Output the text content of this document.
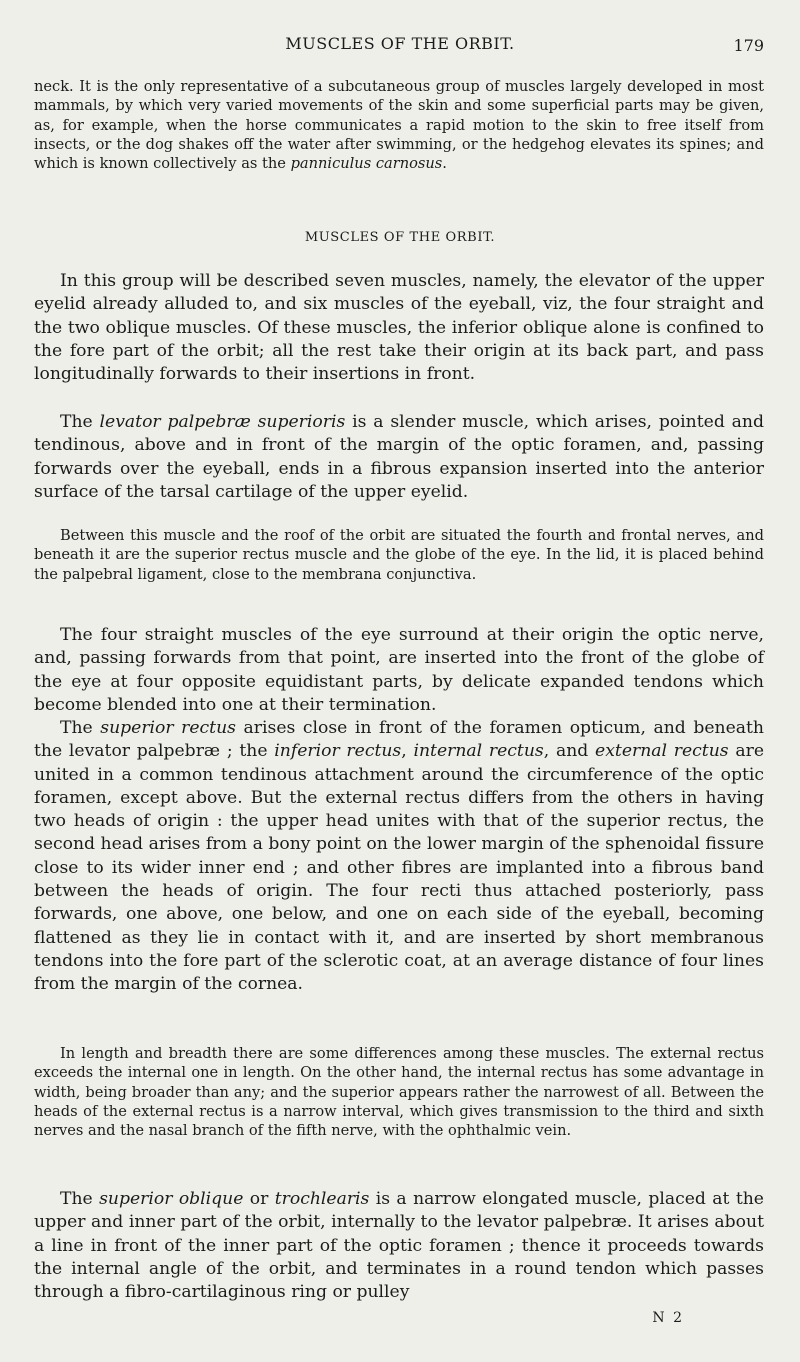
MUSCLES OF THE ORBIT.	179

neck. It is the only representative of a subcutaneous group of muscles largely developed in most mammals, by which very varied movements of the skin and some superficial parts may be given, as, for example, when the horse communicates a rapid motion to the skin to free itself from insects, or the dog shakes off the water after swimming, or the hedgehog elevates its spines; and which is known collectively as the panniculus carnosus.

MUSCLES OF THE ORBIT.

In this group will be described seven muscles, namely, the elevator of the upper eyelid already alluded to, and six muscles of the eyeball, viz, the four straight and the two oblique muscles. Of these muscles, the inferior oblique alone is confined to the fore part of the orbit; all the rest take their origin at its back part, and pass longitudinally forwards to their insertions in front.

The levator palpebræ superioris is a slender muscle, which arises, pointed and tendinous, above and in front of the margin of the optic foramen, and, passing forwards over the eyeball, ends in a fibrous expansion inserted into the anterior surface of the tarsal cartilage of the upper eyelid.

Between this muscle and the roof of the orbit are situated the fourth and frontal nerves, and beneath it are the superior rectus muscle and the globe of the eye. In the lid, it is placed behind the palpebral ligament, close to the membrana conjunctiva.

The four straight muscles of the eye surround at their origin the optic nerve, and, passing forwards from that point, are inserted into the front of the globe of the eye at four opposite equidistant parts, by delicate expanded tendons which become blended into one at their termination.

The superior rectus arises close in front of the foramen opticum, and beneath the levator palpebræ ; the inferior rectus, internal rectus, and external rectus are united in a common tendinous attachment around the circumference of the optic foramen, except above. But the external rectus differs from the others in having two heads of origin : the upper head unites with that of the superior rectus, the second head arises from a bony point on the lower margin of the sphenoidal fissure close to its wider inner end ; and other fibres are implanted into a fibrous band between the heads of origin. The four recti thus attached posteriorly, pass forwards, one above, one below, and one on each side of the eyeball, becoming flattened as they lie in contact with it, and are inserted by short membranous tendons into the fore part of the sclerotic coat, at an average distance of four lines from the margin of the cornea.

In length and breadth there are some differences among these muscles. The external rectus exceeds the internal one in length. On the other hand, the internal rectus has some advantage in width, being broader than any; and the superior appears rather the narrowest of all. Between the heads of the external rectus is a narrow interval, which gives transmission to the third and sixth nerves and the nasal branch of the fifth nerve, with the ophthalmic vein.

The superior oblique or trochlearis is a narrow elongated muscle, placed at the upper and inner part of the orbit, internally to the levator palpebræ. It arises about a line in front of the inner part of the optic foramen ; thence it proceeds towards the internal angle of the orbit, and terminates in a round tendon which passes through a fibro-cartilaginous ring or pulley

N 2
